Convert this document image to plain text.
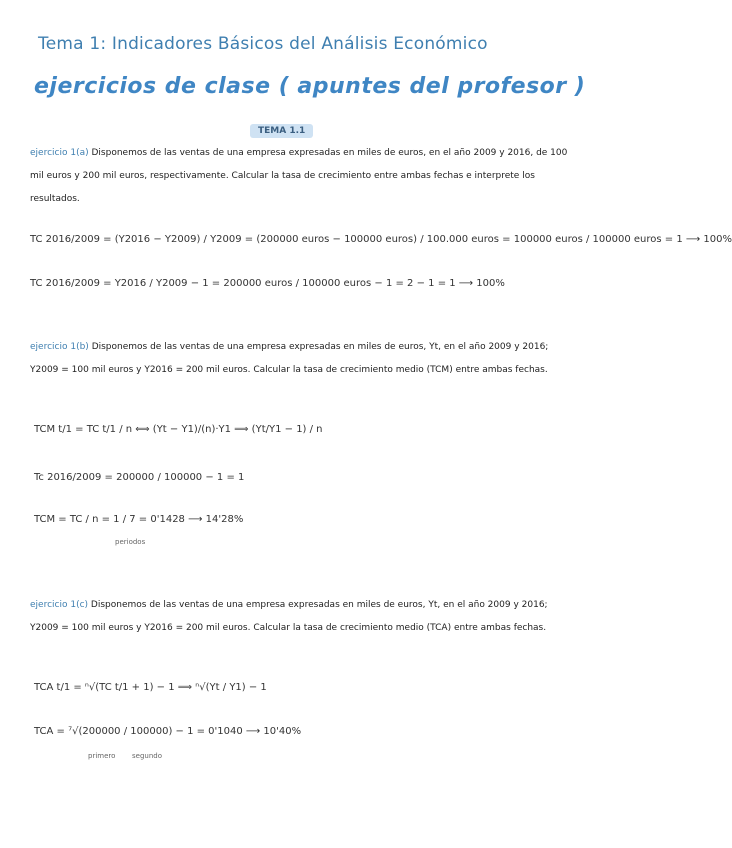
Tema 1: Indicadores Básicos del Análisis Económico
ejercicios de clase ( apuntes del profesor )
TEMA 1.1
ejercicio 1(a) Disponemos de las ventas de una empresa expresadas en miles de euros, en el año 2009 y 2016, de 100 mil euros y 200 mil euros, respectivamente. Calcular la tasa de crecimiento entre ambas fechas e interprete los resultados.
TC 2016/2009 = (Y2016 − Y2009) / Y2009 = (200000 euros − 100000 euros) / 100.000 euros = 100000 euros / 100000 euros = 1 ⟶ 100%
TC 2016/2009 = Y2016 / Y2009 − 1 = 200000 euros / 100000 euros − 1 = 2 − 1 = 1 ⟶ 100%
ejercicio 1(b) Disponemos de las ventas de una empresa expresadas en miles de euros, Yt, en el año 2009 y 2016; Y2009 = 100 mil euros y Y2016 = 200 mil euros. Calcular la tasa de crecimiento medio (TCM) entre ambas fechas.
TCM t/1 = TC t/1 / n ⟺ (Yt − Y1)/(n)·Y1 ⟹ (Yt/Y1 − 1) / n
Tc 2016/2009 = 200000 / 100000 − 1 = 1
TCM = TC / n = 1 / 7 = 0'1428 ⟶ 14'28%
periodos
ejercicio 1(c) Disponemos de las ventas de una empresa expresadas en miles de euros, Yt, en el año 2009 y 2016; Y2009 = 100 mil euros y Y2016 = 200 mil euros. Calcular la tasa de crecimiento medio (TCA) entre ambas fechas.
TCA t/1 = ⁿ√(TC t/1 + 1) − 1 ⟹ ⁿ√(Yt / Y1) − 1
TCA = ⁷√(200000 / 100000) − 1 = 0'1040 ⟶ 10'40%
primero segundo
